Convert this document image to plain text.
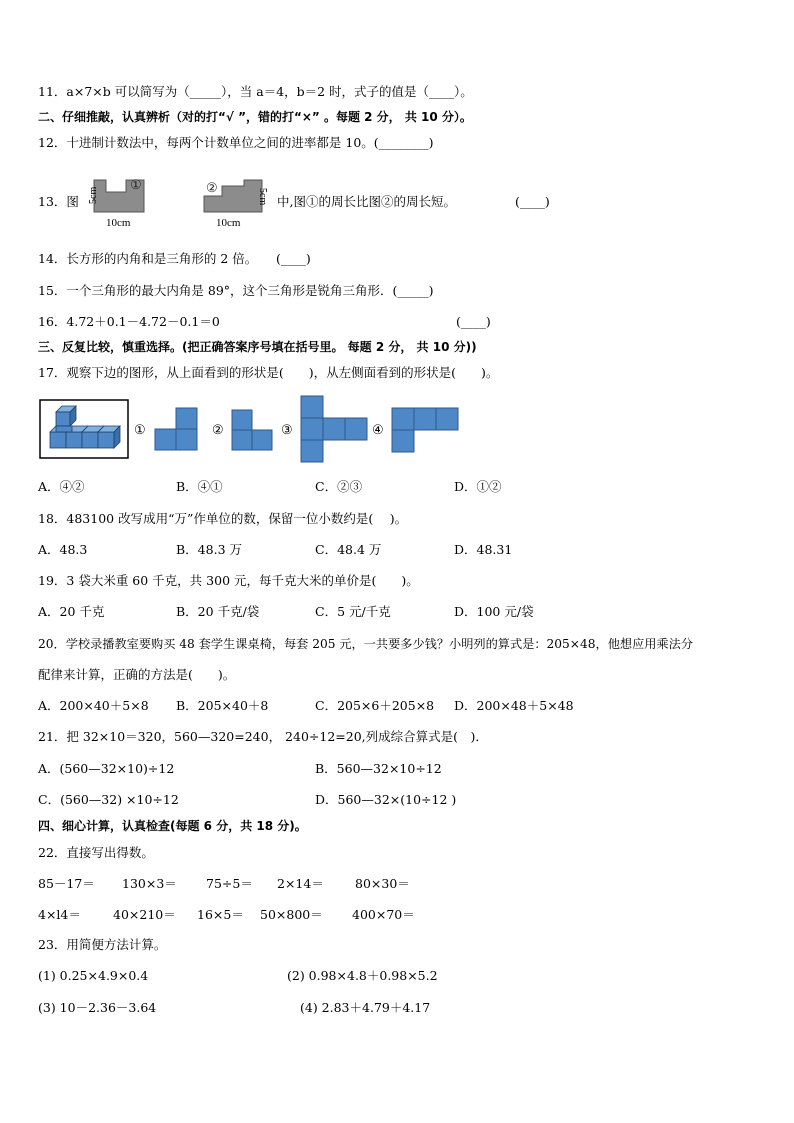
11．a×7×b 可以简写为（_____），当 a＝4，b＝2 时，式子的值是（____）。
二、仔细推敲，认真辨析（对的打“√ ”，错的打“×” 。每题 2 分， 共 10 分）。
12．十进制计数法中，每两个计数单位之间的进率都是 10。(________)
13．图
①
5cm
10cm
②
5cm
10cm
中,图①的周长比图②的周长短。	(____)
14．长方形的内角和是三角形的 2 倍。　　(____)
15．一个三角形的最大内角是 89°，这个三角形是锐角三角形．(_____)
16．4.72＋0.1－4.72－0.1＝0	(____)
三、反复比较，慎重选择。(把正确答案序号填在括号里。 每题 2 分， 共 10 分))
17．观察下边的图形，从上面看到的形状是(　　)，从左侧面看到的形状是(　　)。
①	②	③	④
A．④②	B．④①	C．②③	D．①②
18．483100 改写成用“万”作单位的数，保留一位小数约是(　 )。
A．48.3	B．48.3 万	C．48.4 万	D．48.31
19．3 袋大米重 60 千克，共 300 元，每千克大米的单价是(　　)。
A．20 千克	B．20 千克/袋	C．5 元/千克	D．100 元/袋
20．学校录播教室要购买 48 套学生课桌椅，每套 205 元，一共要多少钱？小明列的算式是：205×48，他想应用乘法分
配律来计算，正确的方法是(　　)。
A．200×40＋5×8 B．205×40＋8	C．205×6＋205×8 D．200×48＋5×48
21．把 32×10＝320，560—320=240， 240÷12=20,列成综合算式是(　)．
A．(560—32×10)÷12	B．560—32×10÷12
C．(560—32) ×10÷12	D．560—32×(10÷12 )
四、细心计算，认真检查(每题 6 分，共 18 分)。
22．直接写出得数。
85－17＝ 130×3＝ 75÷5＝ 2×14＝ 80×30＝
4×l4＝	40×210＝ 16×5＝ 50×800＝ 400×70＝
23．用简便方法计算。
(1) 0.25×4.9×0.4	(2) 0.98×4.8＋0.98×5.2
(3) 10－2.36－3.64	(4) 2.83＋4.79＋4.17
